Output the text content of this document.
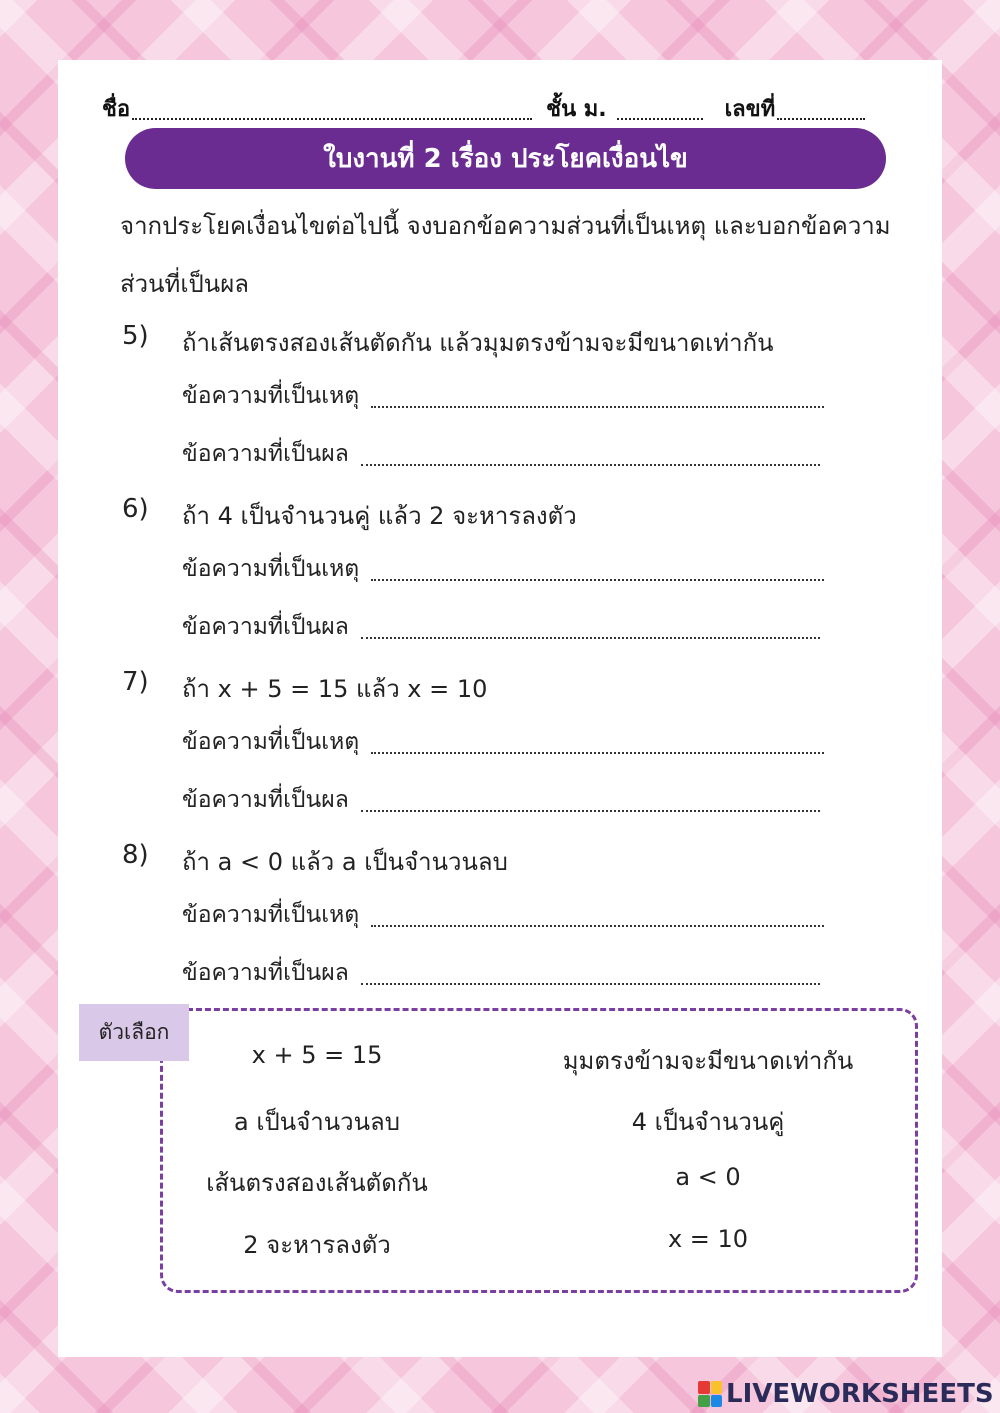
ชื่อ	ชั้น ม.	เลขที่
ใบงานที่ 2 เรื่อง ประโยคเงื่อนไข
จากประโยคเงื่อนไขต่อไปนี้ จงบอกข้อความส่วนที่เป็นเหตุ และบอกข้อความ
ส่วนที่เป็นผล
5) ถ้าเส้นตรงสองเส้นตัดกัน แล้วมุมตรงข้ามจะมีขนาดเท่ากัน
ข้อความที่เป็นเหตุ
ข้อความที่เป็นผล
6) ถ้า 4 เป็นจำนวนคู่ แล้ว 2 จะหารลงตัว
ข้อความที่เป็นเหตุ
ข้อความที่เป็นผล
7) ถ้า x + 5 = 15 แล้ว x = 10
ข้อความที่เป็นเหตุ
ข้อความที่เป็นผล
8) ถ้า a < 0 แล้ว a เป็นจำนวนลบ
ข้อความที่เป็นเหตุ
ข้อความที่เป็นผล
ตัวเลือก
x + 5 = 15	มุมตรงข้ามจะมีขนาดเท่ากัน
a เป็นจำนวนลบ	4 เป็นจำนวนคู่
เส้นตรงสองเส้นตัดกัน	a < 0
2 จะหารลงตัว	x = 10
LIVEWORKSHEETS
